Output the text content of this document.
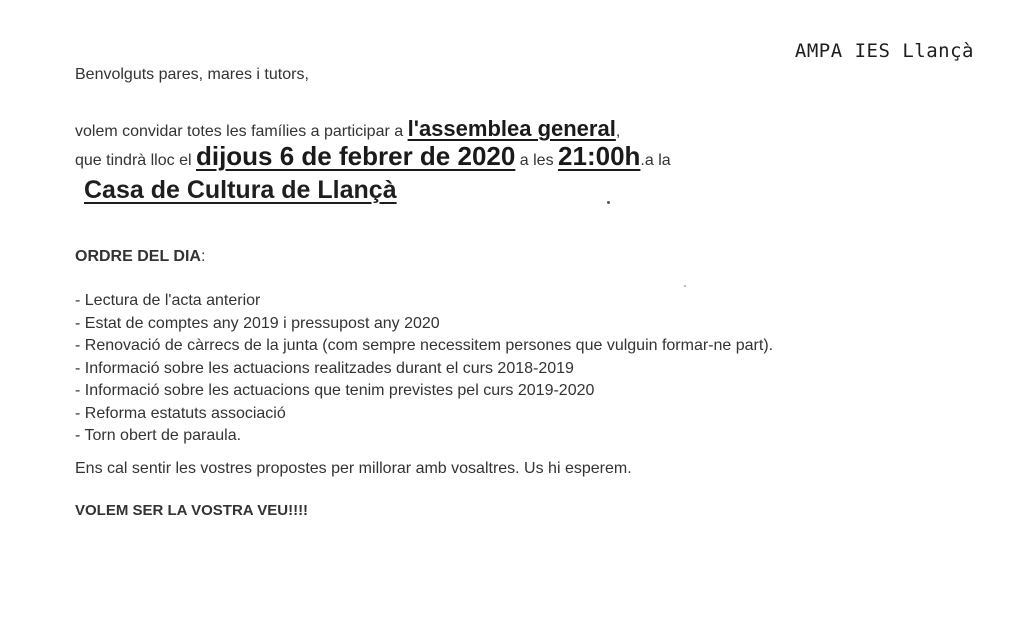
AMPA IES Llançà
Benvolguts pares, mares i tutors,
volem convidar totes les famílies a participar a l'assemblea general,
que tindrà lloc el dijous 6 de febrer de 2020 a les 21:00h.a la
Casa de Cultura de Llançà
ORDRE DEL DIA:
- Lectura de l'acta anterior
- Estat de comptes any 2019 i pressupost any 2020
- Renovació de càrrecs de la junta (com sempre necessitem persones que vulguin formar-ne part).
- Informació sobre les actuacions realitzades durant el curs 2018-2019
- Informació sobre les actuacions que tenim previstes pel curs 2019-2020
- Reforma estatuts associació
- Torn obert de paraula.
Ens cal sentir les vostres propostes per millorar amb vosaltres. Us hi esperem.
VOLEM SER LA VOSTRA VEU!!!!
